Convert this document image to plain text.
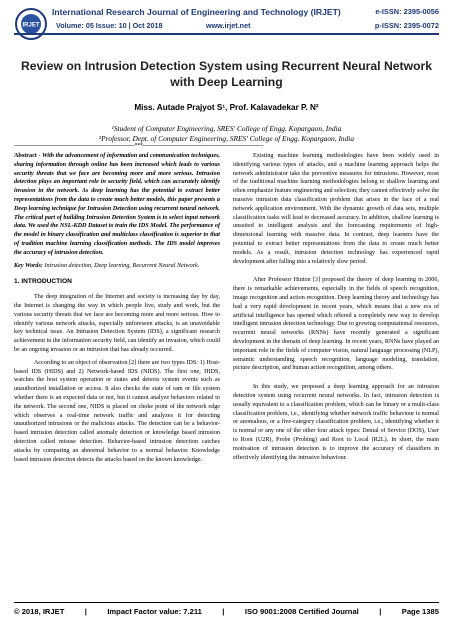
IRJET
International Research Journal of Engineering and Technology (IRJET)
Volume: 05 Issue: 10 | Oct 2018	www.irjet.net
e-ISSN: 2395-0056
p-ISSN: 2395-0072
Review on Intrusion Detection System using Recurrent Neural Network with Deep Learning
Miss. Autade Prajyot S¹, Prof. Kalavadekar P. N²
¹Student of Computer Engineering, SRES' College of Engg. Kopargaon, India
²Professor, Dept. of Computer Engineering, SRES' College of Engg. Kopargaon, India
-----------------------------------------------------------------------***-----------------------------------------------------------------------

Abstract - With the advancement of information and communication techniques, sharing information through online has been increased which leads to various security threats that we face are becoming more and more serious. Intrusion detection plays an important role in security field, which can accurately identify invasion in the network. As deep learning has the potential to extract better representations from the data to create much better models, this paper presents a Deep learning technique for Intrusion Detection using recurrent neural network. The critical part of building Intrusion Detection System is to select input network data. We used the NSL-KDD Dataset to train the IDS Model. The performance of the model in binary classification and multiclass classification is superior to that of tradition machine learning classification methods. The IDS model improves the accuracy of intrusion detection.

Key Words: Intrusion detection, Deep learning, Recurrent Neural Network.

1. INTRODUCTION

The deep integration of the Internet and society is increasing day by day, the Internet is changing the way in which people live, study and work, but the various security threats that we face are becoming more and more serious. How to identify various network attacks, especially unforeseen attacks, is an unavoidable key technical issue. An Intrusion Detection System (IDS), a significant research achievement in the information security field, can identify an invasion, which could be an ongoing invasion or an intrusion that has already occurred.

According to an object of observation [2] there are two types IDS: 1) Host-based IDS (HIDS) and 2) Network-based IDS (NIDS). The first one, HIDS, watches the host system operation or states and detects system events such as unauthorized installation or access. It also checks the state of ram or file system whether there is an expected data or not, but it cannot analyze behaviors related to the network. The second one, NIDS is placed on choke point of the network edge which observes a real-time network traffic and analyzes it for detecting unauthorized intrusions or the malicious attacks. The detection can be a behavior-based intrusion detection called anomaly detection or knowledge based intrusion detection called misuse detection. Behavior-based intrusion detection catches attacks by comparing an abnormal behavior to a normal behavior. Knowledge based intrusion detection detects the attacks based on the known knowledge.

Existing machine learning methodologies have been widely used in identifying various types of attacks, and a machine learning approach helps the network administrator take the preventive measures for intrusions. However, most of the traditional machine learning methodologies belong to shallow learning and often emphasize feature engineering and selection; they cannot effectively solve the massive intrusion data classification problem that arises in the face of a real network application environment. With the dynamic growth of data sets, multiple classification tasks will lead to decreased accuracy. In addition, shallow learning is unsuited to intelligent analysis and the forecasting requirements of high-dimensional learning with massive data. In contrast, deep learners have the potential to extract better representations from the data to create much better models. As a result, intrusion detection technology has experienced rapid development after falling into a relatively slow period.

After Professor Hinton [3] proposed the theory of deep learning in 2006, there is remarkable achievements, especially in the fields of speech recognition, image recognition and action recognition. Deep learning theory and technology has had a very rapid development in recent years, which means that a new era of artificial intelligence has opened which offered a completely new way to develop intelligent intrusion detection technology. Due to growing computational resources, recurrent neural networks (RNNs) have recently generated a significant development in the domain of deep learning. In recent years, RNNs have played an important role in the fields of computer vision, natural language processing (NLP), semantic understanding, speech recognition, language modeling, translation, picture description, and human action recognition, among others.

In this study, we proposed a deep learning approach for an intrusion detection system using recurrent neural networks. In fact, intrusion detection is usually equivalent to a classification problem, which can be binary or a multi-class classification problem, i.e., identifying whether network traffic behaviour is normal or anomalous, or a five-category classification problem, i.e., identifying whether it is normal or any one of the other four attack types: Denial of Service (DOS), User to Root (U2R), Probe (Probing) and Root to Local (R2L). In short, the main motivation of intrusion detection is to improve the accuracy of classifiers in effectively identifying the intrusive behaviour.

© 2018, IRJET	|	Impact Factor value: 7.211	|	ISO 9001:2008 Certified Journal	|	Page 1385
